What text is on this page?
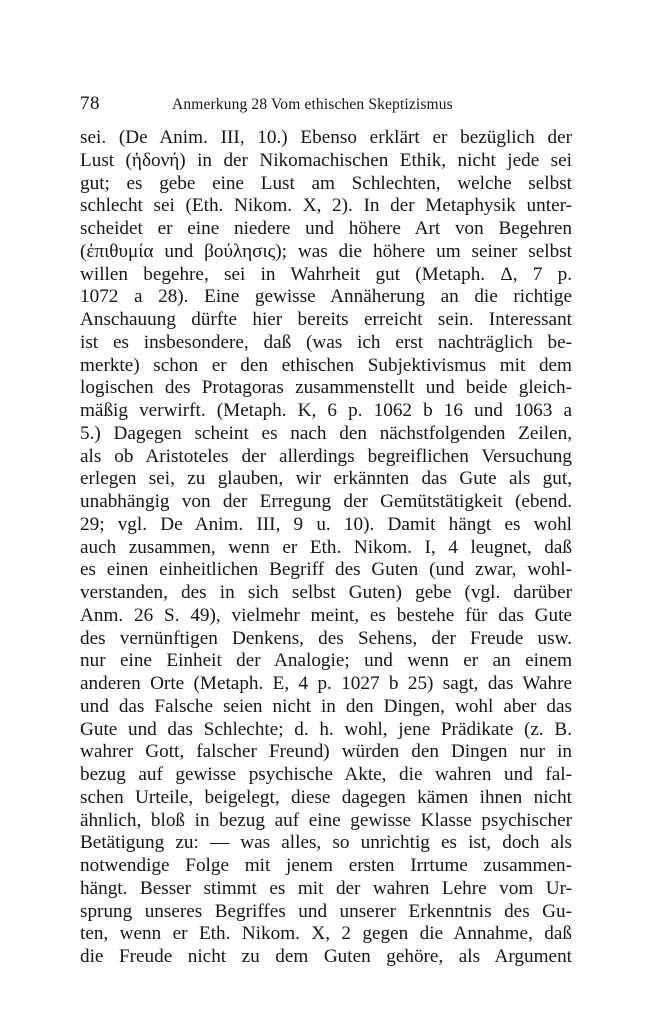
78	Anmerkung 28 Vom ethischen Skeptizismus
sei. (De Anim. III, 10.) Ebenso erklärt er bezüglich der
Lust (ἡδονή) in der Nikomachischen Ethik, nicht jede sei
gut; es gebe eine Lust am Schlechten, welche selbst
schlecht sei (Eth. Nikom. X, 2). In der Metaphysik unter-
scheidet er eine niedere und höhere Art von Begehren
(ἐπιθυμία und βούλησις); was die höhere um seiner selbst
willen begehre, sei in Wahrheit gut (Metaph. Δ, 7 p.
1072 a 28). Eine gewisse Annäherung an die richtige
Anschauung dürfte hier bereits erreicht sein. Interessant
ist es insbesondere, daß (was ich erst nachträglich be-
merkte) schon er den ethischen Subjektivismus mit dem
logischen des Protagoras zusammenstellt und beide gleich-
mäßig verwirft. (Metaph. K, 6 p. 1062 b 16 und 1063 a
5.) Dagegen scheint es nach den nächstfolgenden Zeilen,
als ob Aristoteles der allerdings begreiflichen Versuchung
erlegen sei, zu glauben, wir erkännten das Gute als gut,
unabhängig von der Erregung der Gemütstätigkeit (ebend.
29; vgl. De Anim. III, 9 u. 10). Damit hängt es wohl
auch zusammen, wenn er Eth. Nikom. I, 4 leugnet, daß
es einen einheitlichen Begriff des Guten (und zwar, wohl-
verstanden, des in sich selbst Guten) gebe (vgl. darüber
Anm. 26 S. 49), vielmehr meint, es bestehe für das Gute
des vernünftigen Denkens, des Sehens, der Freude usw.
nur eine Einheit der Analogie; und wenn er an einem
anderen Orte (Metaph. E, 4 p. 1027 b 25) sagt, das Wahre
und das Falsche seien nicht in den Dingen, wohl aber das
Gute und das Schlechte; d. h. wohl, jene Prädikate (z. B.
wahrer Gott, falscher Freund) würden den Dingen nur in
bezug auf gewisse psychische Akte, die wahren und fal-
schen Urteile, beigelegt, diese dagegen kämen ihnen nicht
ähnlich, bloß in bezug auf eine gewisse Klasse psychischer
Betätigung zu: — was alles, so unrichtig es ist, doch als
notwendige Folge mit jenem ersten Irrtume zusammen-
hängt. Besser stimmt es mit der wahren Lehre vom Ur-
sprung unseres Begriffes und unserer Erkenntnis des Gu-
ten, wenn er Eth. Nikom. X, 2 gegen die Annahme, daß
die Freude nicht zu dem Guten gehöre, als Argument
